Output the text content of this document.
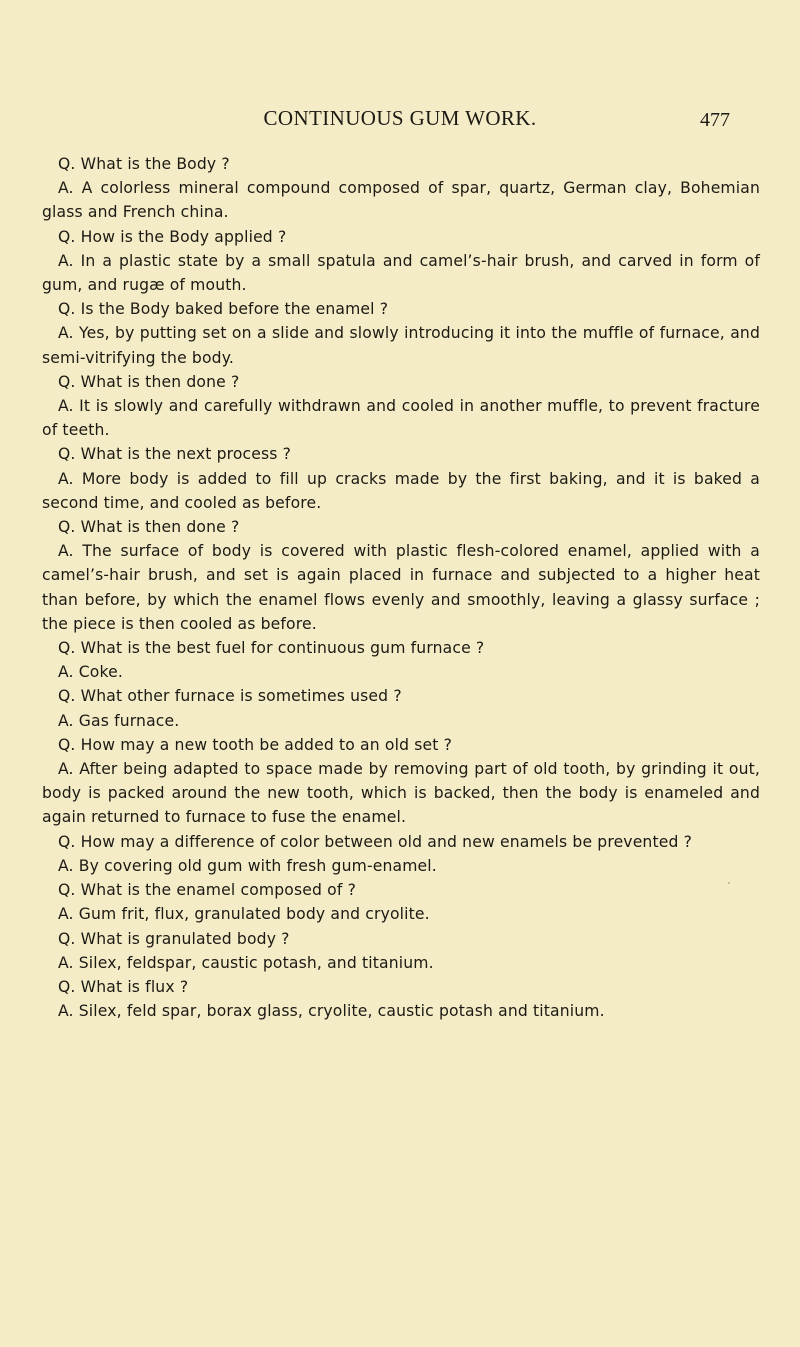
CONTINUOUS GUM WORK.	477

Q. What is the Body ?

A. A colorless mineral compound composed of spar, quartz, German clay, Bohemian glass and French china.

Q. How is the Body applied ?

A. In a plastic state by a small spatula and camel’s-hair brush, and carved in form of gum, and rugæ of mouth.

Q. Is the Body baked before the enamel ?

A. Yes, by putting set on a slide and slowly introducing it into the muffle of furnace, and semi-vitrifying the body.

Q. What is then done ?

A. It is slowly and carefully withdrawn and cooled in another muffle, to prevent fracture of teeth.

Q. What is the next process ?

A. More body is added to fill up cracks made by the first baking, and it is baked a second time, and cooled as before.

Q. What is then done ?

A. The surface of body is covered with plastic flesh-colored enamel, applied with a camel’s-hair brush, and set is again placed in furnace and subjected to a higher heat than before, by which the enamel flows evenly and smoothly, leaving a glassy surface ; the piece is then cooled as before.

Q. What is the best fuel for continuous gum furnace ?

A. Coke.

Q. What other furnace is sometimes used ?

A. Gas furnace.

Q. How may a new tooth be added to an old set ?

A. After being adapted to space made by removing part of old tooth, by grinding it out, body is packed around the new tooth, which is backed, then the body is enameled and again returned to furnace to fuse the enamel.

Q. How may a difference of color between old and new enamels be prevented ?

A. By covering old gum with fresh gum-enamel.

Q. What is the enamel composed of ?

A. Gum frit, flux, granulated body and cryolite.

Q. What is granulated body ?

A. Silex, feldspar, caustic potash, and titanium.

Q. What is flux ?

A. Silex, feld spar, borax glass, cryolite, caustic potash and titanium.
